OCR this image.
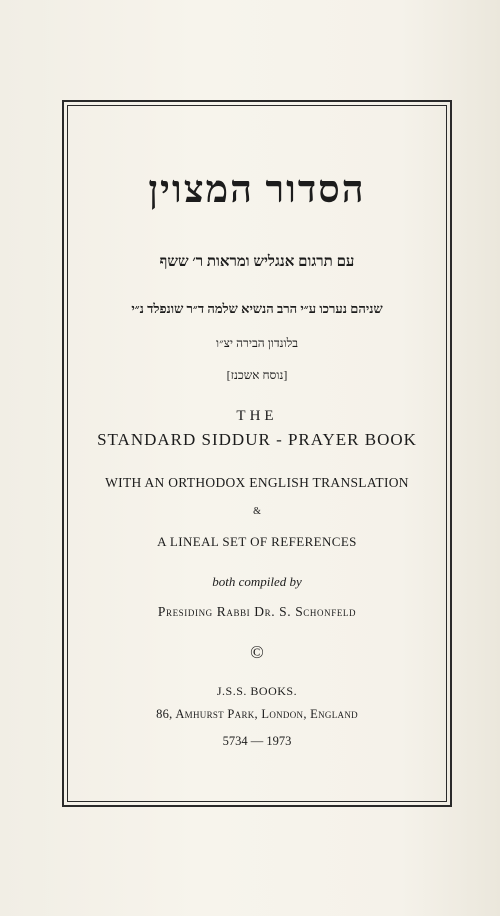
הסדור המצוין
עם תרגום אנגליש ומראות ר׳ ששף
שניהם נערכו ע״י הרב הנשיא שלמה ד״ר שונפלד נ״י
בלונדון הבירה יצ״ו
[נוסח אשכנז]
THE
STANDARD SIDDUR - PRAYER BOOK
WITH AN ORTHODOX ENGLISH TRANSLATION
&
A LINEAL SET OF REFERENCES
both compiled by
Presiding Rabbi Dr. S. Schonfeld
©
J.S.S. BOOKS.
86, Amhurst Park, London, England
5734 — 1973
